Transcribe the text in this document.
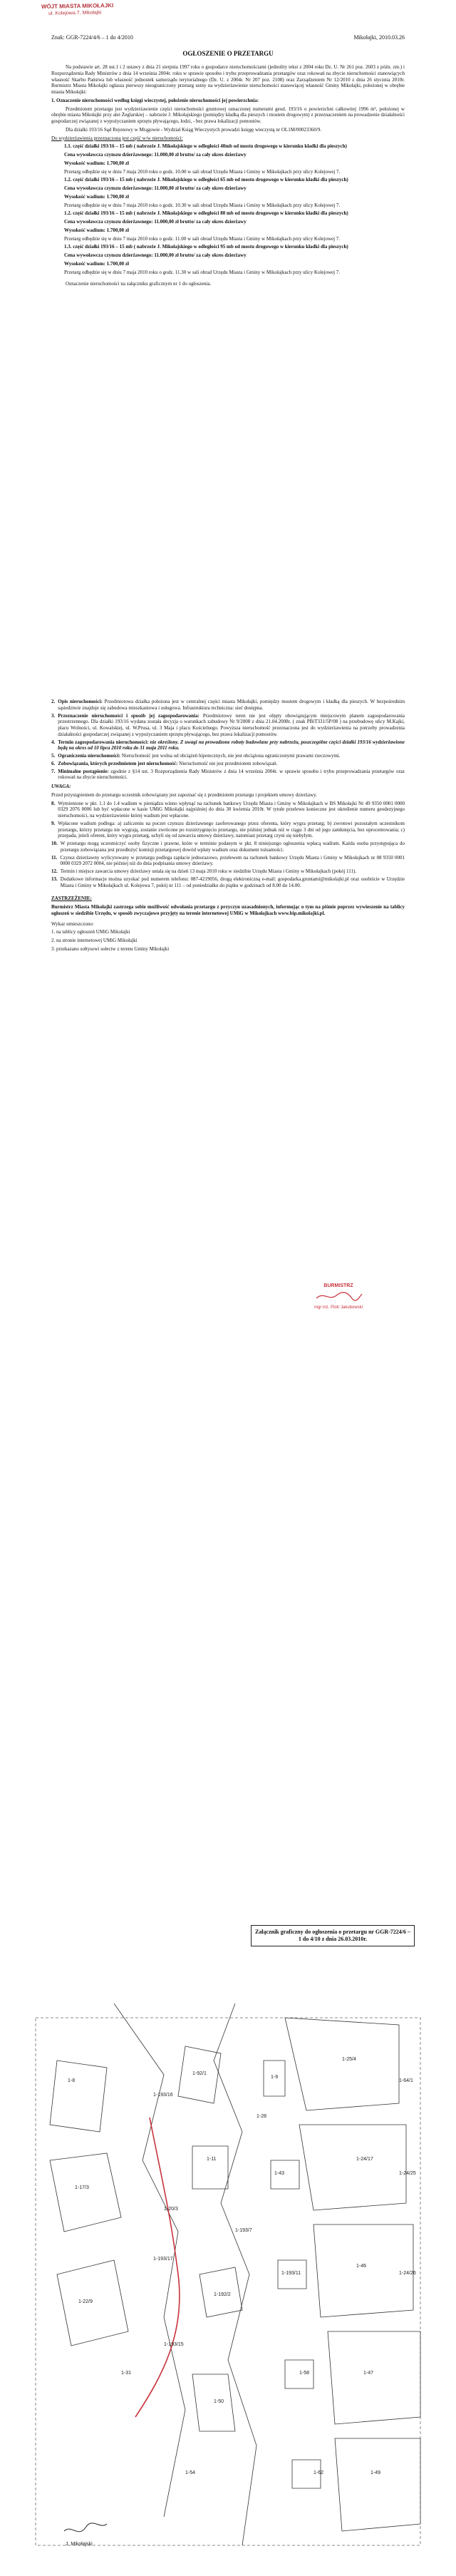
WÓJT MIASTA MIKOŁAJKI
ul. Kolejowa 7, Mikołajki
Znak: GGR-7224/4/6 – 1 do 4/2010	Mikołajki, 2010.03.26
OGŁOSZENIE O PRZETARGU

Na podstawie art. 28 ust.1 i 2 ustawy z dnia 21 sierpnia 1997 roku o gospodarce nieruchomościami (jednolity tekst z 2004 roku Dz. U. Nr 261 poz. 2603 z późn. zm.) i Rozporządzenia Rady Ministrów z dnia 14 września 2004r. roku w sprawie sposobu i trybu przeprowadzania przetargów oraz rokowań na zbycie nieruchomości stanowiących własność Skarbu Państwa lub własność jednostek samorządu terytorialnego (Dz. U. z 2004r. Nr 207 poz. 2108) oraz Zarządzeniem Nr 12/2010 z dnia 26 stycznia 2010r. Burmistrz Miasta Mikołajki ogłasza pierwszy nieograniczony przetarg ustny na wydzierżawienie nieruchomości stanowiącej własność Gminy Mikołajki, położonej w obrębie miasta Mikołajki:

1. Oznaczenie nieruchomości według księgi wieczystej, położenie nieruchomości jej powierzchnia:

Przedmiotem przetargu jest wydzierżawienie części nieruchomości gruntowej oznaczonej numerami geod. 193/16 o powierzchni całkowitej 1996 m², położonej w obrębie miasta Mikołajki przy alei Żeglarskiej – nabrzeże J. Mikołajskiego (pomiędzy kładką dla pieszych i mostem drogowym) z przeznaczeniem na prowadzenie działalności gospodarczej związanej z wypożyczaniem sprzętu pływającego, łodzi, - bez prawa lokalizacji pomostów.

Dla działki 193/16 Sąd Rejonowy w Mrągowie - Wydział Ksiąg Wieczystych prowadzi księgę wieczystą nr OL1M/00023360/9.

Do wydzierżawienia przeznaczona jest część w/w nieruchomości:

1.1. część działki 193/16 – 15 mb ( nabrzeże J. Mikołajskiego w odległości 40mb od mostu drogowego w kierunku kładki dla pieszych)

Cena wywoławcza czynszu dzierżawnego: 11.000,00 zł brutto/ za cały okres dzierżawy

Wysokość wadium: 1.700,00 zł

Przetarg odbędzie się w dniu 7 maja 2010 roku o godz. 10.00 w sali obrad Urzędu Miasta i Gminy w Mikołajkach przy ulicy Kolejowej 7.

1.2. część działki 193/16 – 15 mb ( nabrzeże J. Mikołajskiego w odległości 65 mb od mostu drogowego w kierunku kładki dla pieszych)

Cena wywoławcza czynszu dzierżawnego: 11.000,00 zł brutto/ za cały okres dzierżawy

Wysokość wadium: 1.700,00 zł

Przetarg odbędzie się w dniu 7 maja 2010 roku o godz. 10.30 w sali obrad Urzędu Miasta i Gminy w Mikołajkach przy ulicy Kolejowej 7.

1.2. część działki 193/16 – 15 mb ( nabrzeże J. Mikołajskiego w odległości 80 mb od mostu drogowego w kierunku kładki dla pieszych)

Cena wywoławcza czynszu dzierżawnego: 11.000,00 zł brutto/ za cały okres dzierżawy

Wysokość wadium: 1.700,00 zł

Przetarg odbędzie się w dniu 7 maja 2010 roku o godz. 11.00 w sali obrad Urzędu Miasta i Gminy w Mikołajkach przy ulicy Kolejowej 7.

1.3. część działki 193/16 – 15 mb ( nabrzeże J. Mikołajskiego w odległości 95 mb od mostu drogowego w kierunku kładki dla pieszych)

Cena wywoławcza czynszu dzierżawnego: 11.000,00 zł brutto/ za cały okres dzierżawy

Wysokość wadium: 1.700,00 zł

Przetarg odbędzie się w dniu 7 maja 2010 roku o godz. 11.30 w sali obrad Urzędu Miasta i Gminy w Mikołajkach przy ulicy Kolejowej 7.

Oznaczenie nieruchomości na załączniku graficznym nr 1 do ogłoszenia.

2. Opis nieruchomości: Przedmiotowa działka położona jest w centralnej części miasta Mikołajki, pomiędzy mostem drogowym i kładką dla pieszych. W bezpośrednim sąsiedztwie znajduje się zabudowa mieszkaniowa i usługowa. Infrastruktura techniczna: sieć dostępna.
3. Przeznaczenie nieruchomości i sposób jej zagospodarowania: Przedmiotowy teren nie jest objęty obowiązującym miejscowym planem zagospodarowania przestrzennego. Dla działki 193/16 wydana została decyzja o warunkach zabudowy Nr 9/2008 z dnia 21.04.2008r. ( znak PBiT331/5P/08 ) na przebudowę ulicy M.Kajki, placu Wolności, ul. Kowalskiej, ul. W.Prusa, ul. 3 Maja i placu Kościelnego. Powyższa nieruchomość przeznaczona jest do wydzierżawienia na potrzeby prowadzenia działalności gospodarczej związanej z wypożyczaniem sprzętu pływającego, bez prawa lokalizacji pomostów.
4. Termin zagospodarowania nieruchomości: nie określony. Z uwagi na prowadzone roboty budowlane przy nabrzeżu, poszczególne części działki 193/16 wydzierżawione będą na okres od 10 lipca 2010 roku do 31 maja 2011 roku.
5. Ograniczenia nieruchomości: Nieruchomość jest wolna od obciążeń hipotecznych, nie jest obciążona ograniczonymi prawami rzeczowymi.
6. Zobowiązania, których przedmiotem jest nieruchomość: Nieruchomość nie jest przedmiotem zobowiązań.
7. Minimalne postąpienie: zgodnie z §14 ust. 3 Rozporządzenia Rady Ministrów z dnia 14 września 2004r. w sprawie sposobu i trybu przeprowadzania przetargów oraz rokowań na zbycie nieruchomości.

UWAGA:

Przed przystąpieniem do przetargu uczestnik zobowiązany jest zapoznać się z przedmiotem przetargu i projektem umowy dzierżawy.

8. Wymienione w pkt. 1.1 do 1.4 wadium w pieniądzu winno wpłynąć na rachunek bankowy Urzędu Miasta i Gminy w Mikołajkach w BS Mikołajki Nr 49 9350 0001 0000 0329 2076 0006 lub być wpłacone w kasie UMiG Mikołajki najpóźniej do dnia 30 kwietnia 2010r. W tytule przelewu konieczne jest określenie numeru geodezyjnego nieruchomości, na wydzierżawienie której wadium jest wpłacone.
9. Wpłacone wadium podlega: a) zaliczeniu na poczet czynszu dzierżawnego zaoferowanego przez oferenta, który wygra przetarg; b) zwrotowi pozostałym uczestnikom przetargu, którzy przetargu nie wygrają, zostanie zwrócone po rozstrzygnięciu przetargu, nie później jednak niż w ciągu 3 dni od jego zamknięcia, bez oprocentowania; c) przepada, jeżeli oferent, który wygra przetarg, uchyli się od zawarcia umowy dzierżawy, natomiast przetarg czyni się niebyłym.
10. W przetargu mogą uczestniczyć osoby fizyczne i prawne, które w terminie podanym w pkt. 8 niniejszego ogłoszenia wpłacą wadium. Każda osoba przystępująca do przetargu zobowiązana jest przedłożyć komisji przetargowej dowód wpłaty wadium oraz dokument tożsamości.
11. Czynsz dzierżawny wylicytowany w przetargu podlega zapłacie jednorazowo, przelewem na rachunek bankowy Urzędu Miasta i Gminy w Mikołajkach nr 08 9350 0001 0000 0329 2072 0004, nie później niż do dnia podpisania umowy dzierżawy.
12. Termin i miejsce zawarcia umowy dzierżawy ustala się na dzień 13 maja 2010 roku w siedzibie Urzędu Miasta i Gminy w Mikołajkach (pokój 111).
13. Dodatkowe informacje można uzyskać pod numerem telefonu: 087-4219056, drogą elektroniczną e-mail: gospodarka.gruntami@mikolajki.pl oraz osobiście w Urzędzie Miasta i Gminy w Mikołajkach ul. Kolejowa 7, pokój nr 111 – od poniedziałku do piątku w godzinach od 8.00 do 14.00.

ZASTRZEŻENIE:

Burmistrz Miasta Mikołajki zastrzega sobie możliwość odwołania przetargu z przyczyn uzasadnionych, informując o tym na piśmie poprzez wywieszenie na tablicy ogłoszeń w siedzibie Urzędu, w sposób zwyczajowo przyjęty na terenie internetowej UMiG w Mikołajkach www.bip.mikolajki.pl.

Wykaz umieszczono:

1. na tablicy ogłoszeń UMiG Mikołajki

2. na stronie internetowej UMiG Mikołajki

3. przekazano sołtysowi sołectw z terenu Gminy Mikołajki

BURMISTRZ
mgr inż. Piotr Jakubowski
Załącznik graficzny do ogłoszenia o przetargu nr GGR-7224/6 – 1 do 4/10 z dnia 26.03.2010r.
1-8
1-17/3
1-193/16
1-92/1
1-22/9
1-11
1-9
1-20/3
1-193/17
1-192/2
1-25/4
1-24/17
1-43
1-193/11
1-46
1-47
1-49
1-50
1-54
1-58
1-62
1-64/1
1-24/25
1-24/26
1-31
1-193/7
1-28
1-193/15
J. Mikołajski
